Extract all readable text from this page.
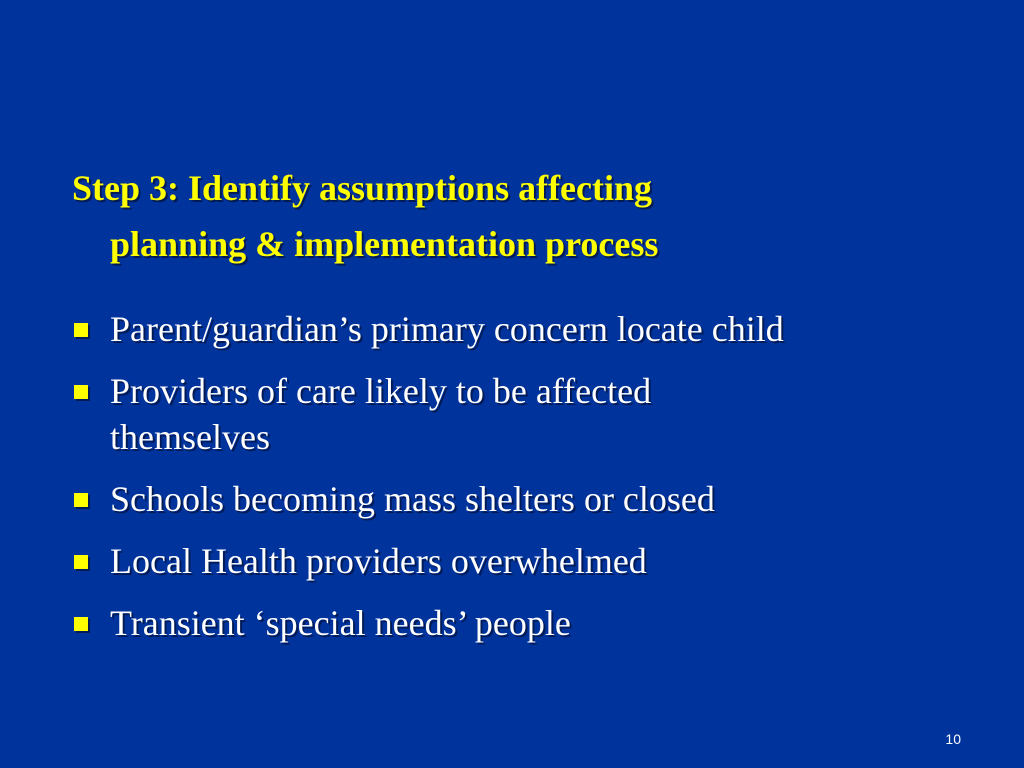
Step 3: Identify assumptions affecting
planning & implementation process
Parent/guardian’s primary concern locate child
Providers of care likely to be affected
themselves
Schools becoming mass shelters or closed
Local Health providers overwhelmed
Transient ‘special needs’ people
10
